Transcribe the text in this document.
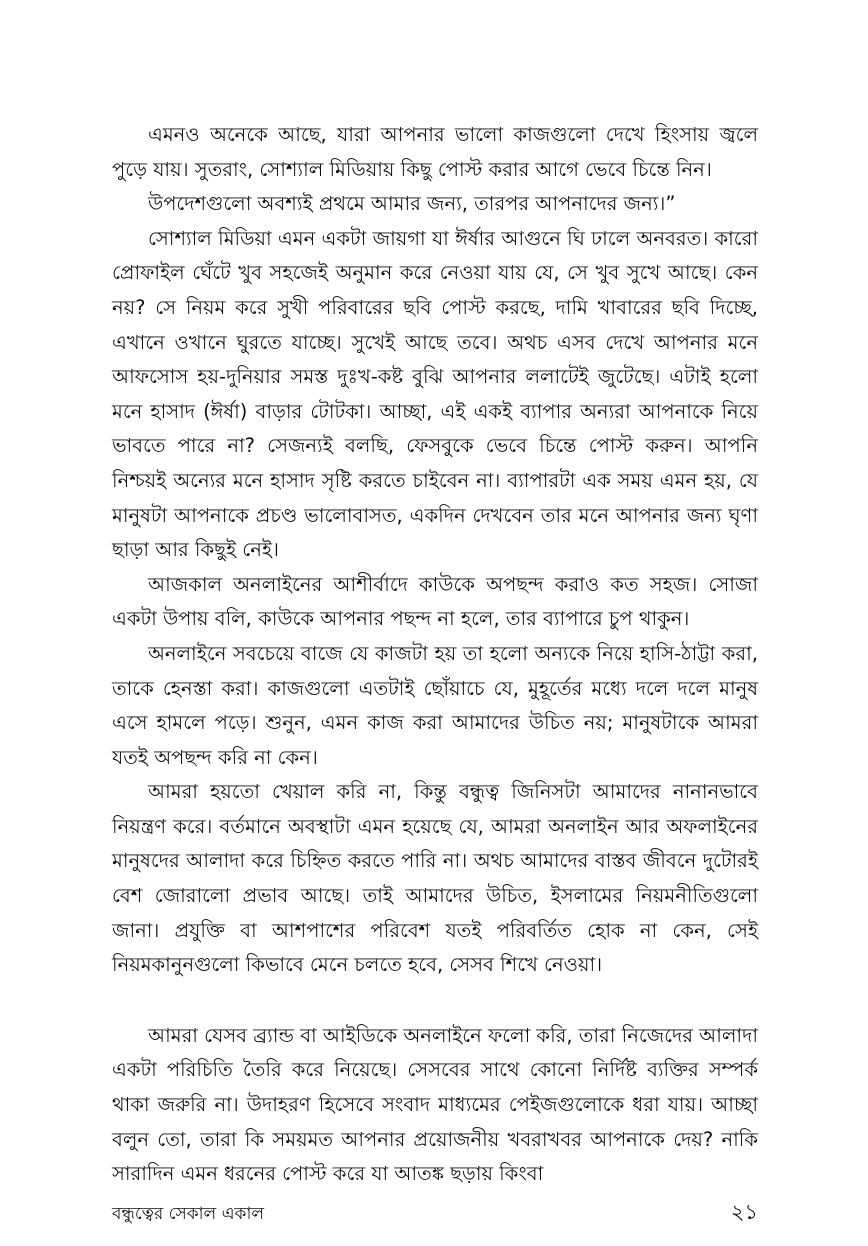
এমনও অনেকে আছে, যারা আপনার ভালো কাজগুলো দেখে হিংসায় জ্বলে পুড়ে যায়। সুতরাং, সোশ্যাল মিডিয়ায় কিছু পোস্ট করার আগে ভেবে চিন্তে নিন।

উপদেশগুলো অবশ্যই প্রথমে আমার জন্য, তারপর আপনাদের জন্য।”

সোশ্যাল মিডিয়া এমন একটা জায়গা যা ঈর্ষার আগুনে ঘি ঢালে অনবরত। কারো প্রোফাইল ঘেঁটে খুব সহজেই অনুমান করে নেওয়া যায় যে, সে খুব সুখে আছে। কেন নয়? সে নিয়ম করে সুখী পরিবারের ছবি পোস্ট করছে, দামি খাবারের ছবি দিচ্ছে, এখানে ওখানে ঘুরতে যাচ্ছে। সুখেই আছে তবে। অথচ এসব দেখে আপনার মনে আফসোস হয়-দুনিয়ার সমস্ত দুঃখ-কষ্ট বুঝি আপনার ললাটেই জুটেছে। এটাই হলো মনে হাসাদ (ঈর্ষা) বাড়ার টোটকা। আচ্ছা, এই একই ব্যাপার অন্যরা আপনাকে নিয়ে ভাবতে পারে না? সেজন্যই বলছি, ফেসবুকে ভেবে চিন্তে পোস্ট করুন। আপনি নিশ্চয়ই অন্যের মনে হাসাদ সৃষ্টি করতে চাইবেন না। ব্যাপারটা এক সময় এমন হয়, যে মানুষটা আপনাকে প্রচণ্ড ভালোবাসত, একদিন দেখবেন তার মনে আপনার জন্য ঘৃণা ছাড়া আর কিছুই নেই।

আজকাল অনলাইনের আশীর্বাদে কাউকে অপছন্দ করাও কত সহজ। সোজা একটা উপায় বলি, কাউকে আপনার পছন্দ না হলে, তার ব্যাপারে চুপ থাকুন।

অনলাইনে সবচেয়ে বাজে যে কাজটা হয় তা হলো অন্যকে নিয়ে হাসি-ঠাট্টা করা, তাকে হেনস্তা করা। কাজগুলো এতটাই ছোঁয়াচে যে, মুহূর্তের মধ্যে দলে দলে মানুষ এসে হামলে পড়ে। শুনুন, এমন কাজ করা আমাদের উচিত নয়; মানুষটাকে আমরা যতই অপছন্দ করি না কেন।

আমরা হয়তো খেয়াল করি না, কিন্তু বন্ধুত্ব জিনিসটা আমাদের নানানভাবে নিয়ন্ত্রণ করে। বর্তমানে অবস্থাটা এমন হয়েছে যে, আমরা অনলাইন আর অফলাইনের মানুষদের আলাদা করে চিহ্নিত করতে পারি না। অথচ আমাদের বাস্তব জীবনে দুটোরই বেশ জোরালো প্রভাব আছে। তাই আমাদের উচিত, ইসলামের নিয়মনীতিগুলো জানা। প্রযুক্তি বা আশপাশের পরিবেশ যতই পরিবর্তিত হোক না কেন, সেই নিয়মকানুনগুলো কিভাবে মেনে চলতে হবে, সেসব শিখে নেওয়া।

আমরা যেসব ব্র্যান্ড বা আইডিকে অনলাইনে ফলো করি, তারা নিজেদের আলাদা একটা পরিচিতি তৈরি করে নিয়েছে। সেসবের সাথে কোনো নির্দিষ্ট ব্যক্তির সম্পর্ক থাকা জরুরি না। উদাহরণ হিসেবে সংবাদ মাধ্যমের পেইজগুলোকে ধরা যায়। আচ্ছা বলুন তো, তারা কি সময়মত আপনার প্রয়োজনীয় খবরাখবর আপনাকে দেয়? নাকি সারাদিন এমন ধরনের পোস্ট করে যা আতঙ্ক ছড়ায় কিংবা

বন্ধুত্বের সেকাল একাল	২১
